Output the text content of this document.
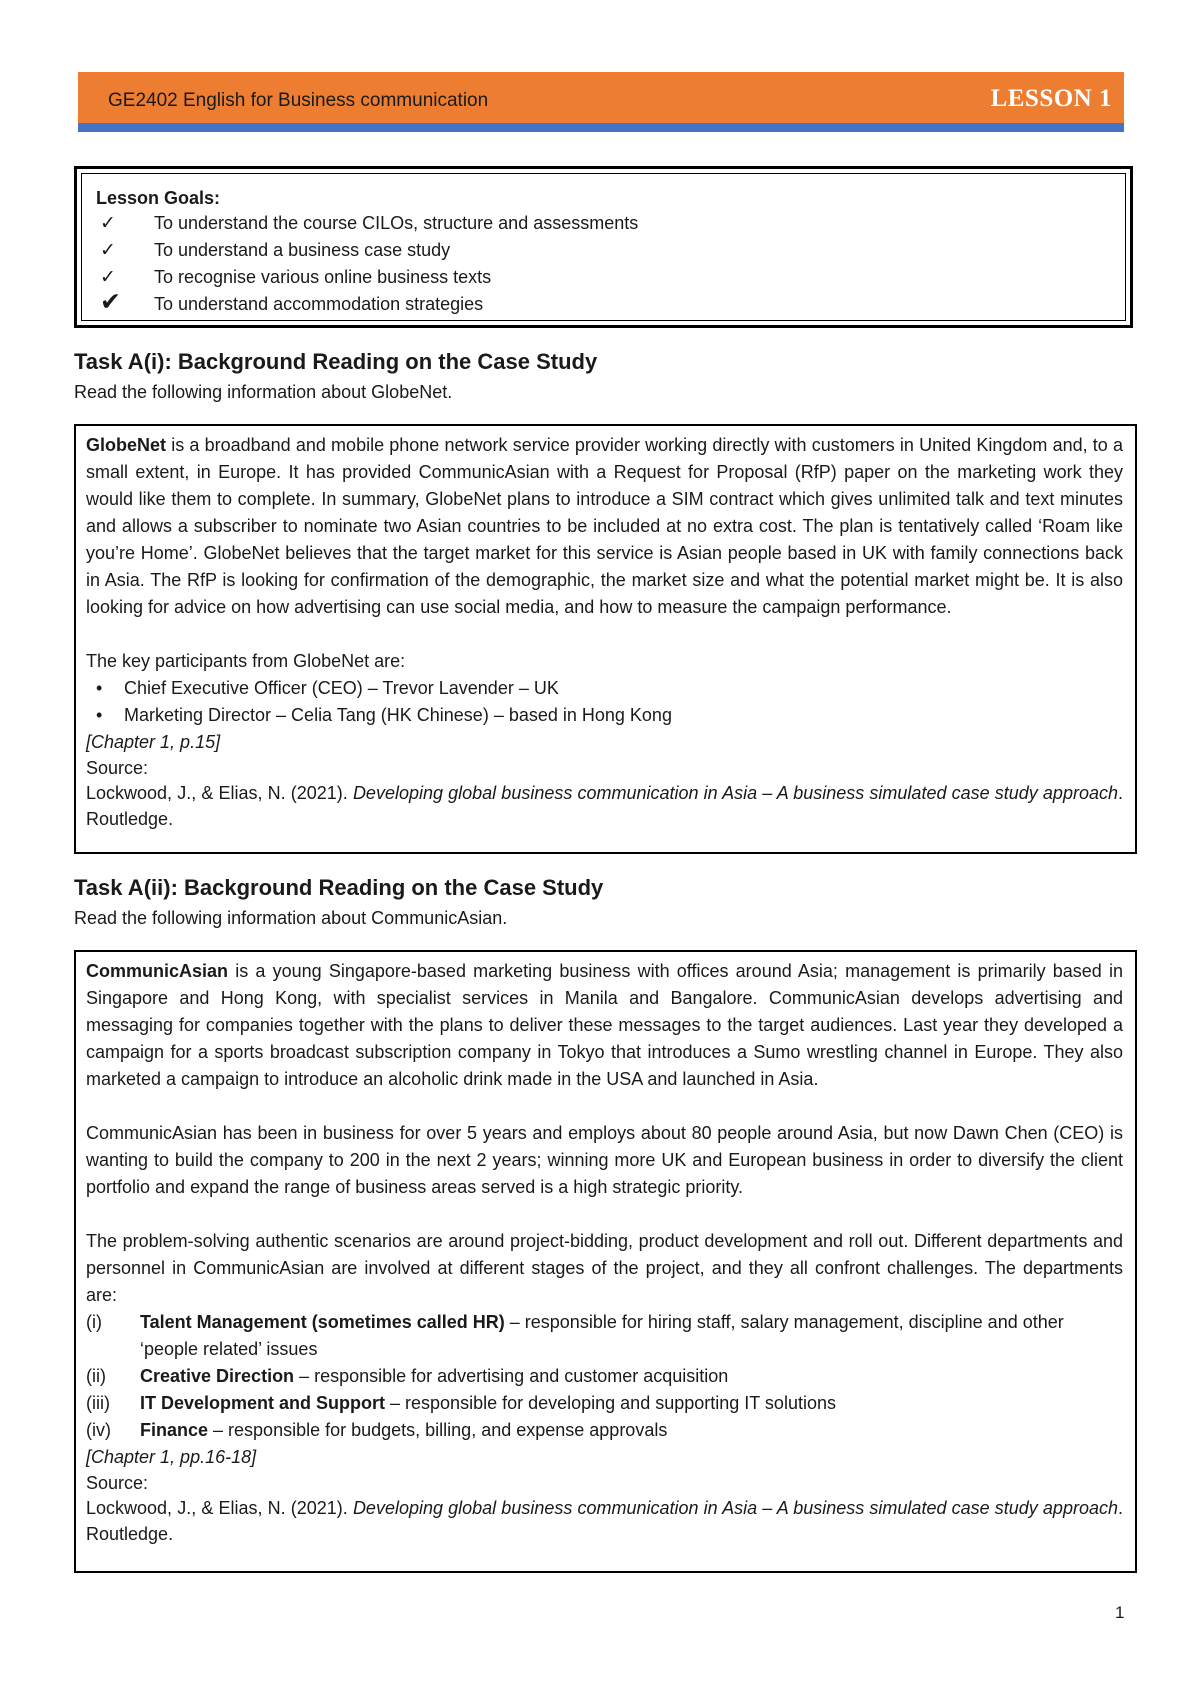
GE2402 English for Business communication	LESSON 1

Lesson Goals:

✓ To understand the course CILOs, structure and assessments
✓ To understand a business case study
✓ To recognise various online business texts
✔ To understand accommodation strategies
Task A(i): Background Reading on the Case Study

Read the following information about GlobeNet.

GlobeNet is a broadband and mobile phone network service provider working directly with customers in United Kingdom and, to a small extent, in Europe. It has provided CommunicAsian with a Request for Proposal (RfP) paper on the marketing work they would like them to complete. In summary, GlobeNet plans to introduce a SIM contract which gives unlimited talk and text minutes and allows a subscriber to nominate two Asian countries to be included at no extra cost. The plan is tentatively called ‘Roam like you’re Home’. GlobeNet believes that the target market for this service is Asian people based in UK with family connections back in Asia. The RfP is looking for confirmation of the demographic, the market size and what the potential market might be. It is also looking for advice on how advertising can use social media, and how to measure the campaign performance.

The key participants from GlobeNet are:

• Chief Executive Officer (CEO) – Trevor Lavender – UK
• Marketing Director – Celia Tang (HK Chinese) – based in Hong Kong

[Chapter 1, p.15]

Source:

Lockwood, J., & Elias, N. (2021). Developing global business communication in Asia – A business simulated case study approach. Routledge.

Task A(ii): Background Reading on the Case Study

Read the following information about CommunicAsian.

CommunicAsian is a young Singapore-based marketing business with offices around Asia; management is primarily based in Singapore and Hong Kong, with specialist services in Manila and Bangalore. CommunicAsian develops advertising and messaging for companies together with the plans to deliver these messages to the target audiences. Last year they developed a campaign for a sports broadcast subscription company in Tokyo that introduces a Sumo wrestling channel in Europe. They also marketed a campaign to introduce an alcoholic drink made in the USA and launched in Asia.

CommunicAsian has been in business for over 5 years and employs about 80 people around Asia, but now Dawn Chen (CEO) is wanting to build the company to 200 in the next 2 years; winning more UK and European business in order to diversify the client portfolio and expand the range of business areas served is a high strategic priority.

The problem-solving authentic scenarios are around project-bidding, product development and roll out. Different departments and personnel in CommunicAsian are involved at different stages of the project, and they all confront challenges. The departments are:

(i) Talent Management (sometimes called HR) – responsible for hiring staff, salary management, discipline and other ‘people related’ issues

(ii) Creative Direction – responsible for advertising and customer acquisition

(iii) IT Development and Support – responsible for developing and supporting IT solutions

(iv) Finance – responsible for budgets, billing, and expense approvals

[Chapter 1, pp.16-18]

Source:

Lockwood, J., & Elias, N. (2021). Developing global business communication in Asia – A business simulated case study approach. Routledge.

1
